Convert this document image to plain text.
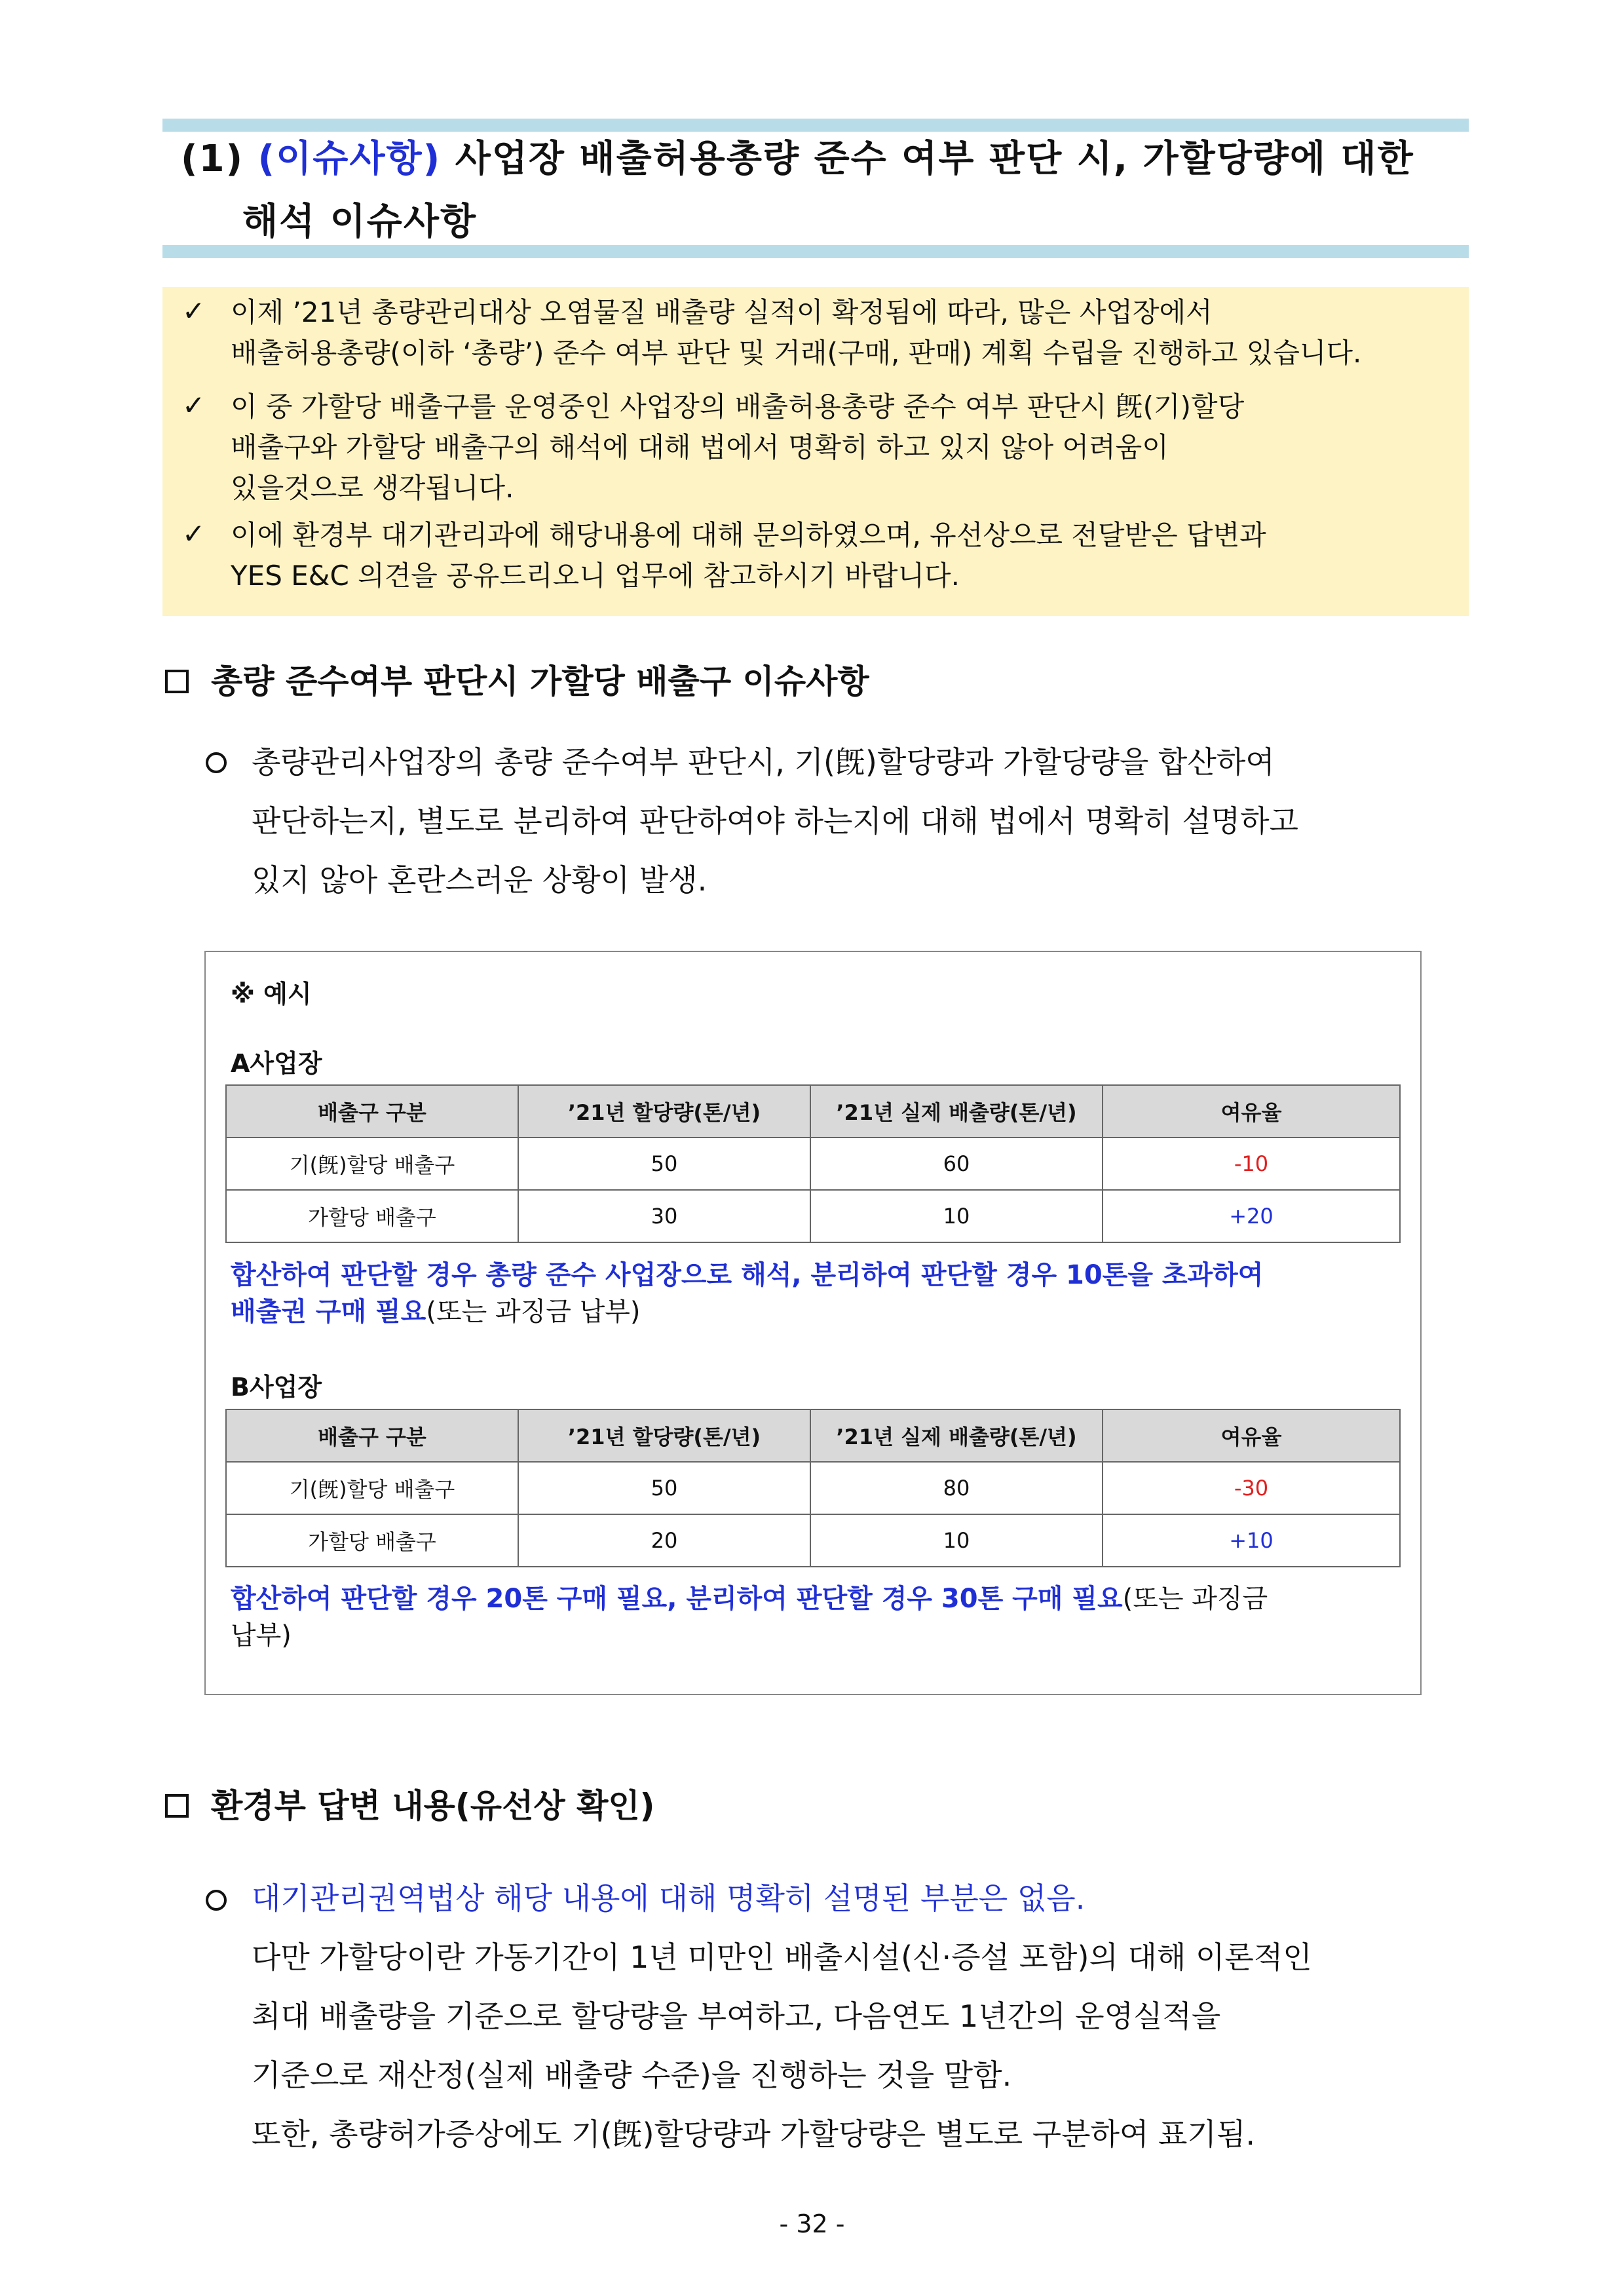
(1) (이슈사항) 사업장 배출허용총량 준수 여부 판단 시, 가할당량에 대한
해석 이슈사항
✓ 이제 ’21년 총량관리대상 오염물질 배출량 실적이 확정됨에 따라, 많은 사업장에서
배출허용총량(이하 ‘총량’) 준수 여부 판단 및 거래(구매, 판매) 계획 수립을 진행하고 있습니다.
✓ 이 중 가할당 배출구를 운영중인 사업장의 배출허용총량 준수 여부 판단시 旣(기)할당
배출구와 가할당 배출구의 해석에 대해 법에서 명확히 하고 있지 않아 어려움이
있을것으로 생각됩니다.
✓ 이에 환경부 대기관리과에 해당내용에 대해 문의하였으며, 유선상으로 전달받은 답변과
YES E&C 의견을 공유드리오니 업무에 참고하시기 바랍니다.
총량 준수여부 판단시 가할당 배출구 이슈사항
총량관리사업장의 총량 준수여부 판단시, 기(旣)할당량과 가할당량을 합산하여
판단하는지, 별도로 분리하여 판단하여야 하는지에 대해 법에서 명확히 설명하고
있지 않아 혼란스러운 상황이 발생.
※ 예시
A사업장
배출구 구분	’21년 할당량(톤/년)	’21년 실제 배출량(톤/년)	여유율
기(旣)할당 배출구	50	60	-10
가할당 배출구	30	10	+20
합산하여 판단할 경우 총량 준수 사업장으로 해석, 분리하여 판단할 경우 10톤을 초과하여
배출권 구매 필요(또는 과징금 납부)
B사업장
배출구 구분	’21년 할당량(톤/년)	’21년 실제 배출량(톤/년)	여유율
기(旣)할당 배출구	50	80	-30
가할당 배출구	20	10	+10
합산하여 판단할 경우 20톤 구매 필요, 분리하여 판단할 경우 30톤 구매 필요(또는 과징금
납부)
환경부 답변 내용(유선상 확인)
대기관리권역법상 해당 내용에 대해 명확히 설명된 부분은 없음.
다만 가할당이란 가동기간이 1년 미만인 배출시설(신·증설 포함)의 대해 이론적인
최대 배출량을 기준으로 할당량을 부여하고, 다음연도 1년간의 운영실적을
기준으로 재산정(실제 배출량 수준)을 진행하는 것을 말함.
또한, 총량허가증상에도 기(旣)할당량과 가할당량은 별도로 구분하여 표기됨.
- 32 -
